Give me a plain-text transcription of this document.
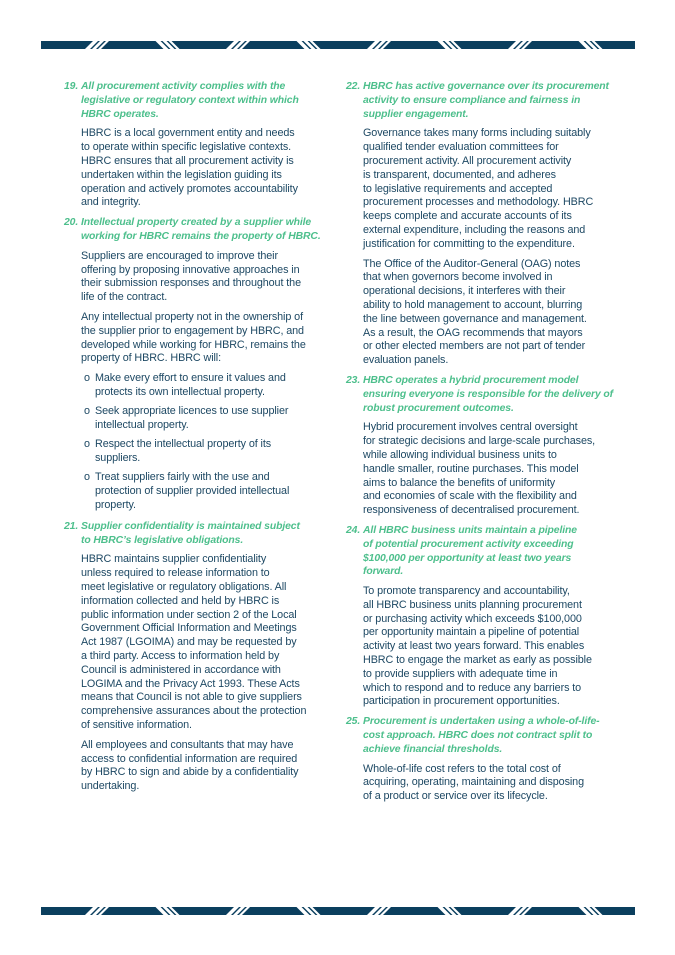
19. All procurement activity complies with the
legislative or regulatory context within which
HBRC operates.
HBRC is a local government entity and needs
to operate within specific legislative contexts.
HBRC ensures that all procurement activity is
undertaken within the legislation guiding its
operation and actively promotes accountability
and integrity.
20. Intellectual property created by a supplier while
working for HBRC remains the property of HBRC.
Suppliers are encouraged to improve their
offering by proposing innovative approaches in
their submission responses and throughout the
life of the contract.
Any intellectual property not in the ownership of
the supplier prior to engagement by HBRC, and
developed while working for HBRC, remains the
property of HBRC. HBRC will:
o Make every effort to ensure it values and
protects its own intellectual property.
o Seek appropriate licences to use supplier
intellectual property.
o Respect the intellectual property of its
suppliers.
o Treat suppliers fairly with the use and
protection of supplier provided intellectual
property.
21. Supplier confidentiality is maintained subject
to HBRC’s legislative obligations.
HBRC maintains supplier confidentiality
unless required to release information to
meet legislative or regulatory obligations. All
information collected and held by HBRC is
public information under section 2 of the Local
Government Official Information and Meetings
Act 1987 (LGOIMA) and may be requested by
a third party. Access to information held by
Council is administered in accordance with
LOGIMA and the Privacy Act 1993. These Acts
means that Council is not able to give suppliers
comprehensive assurances about the protection
of sensitive information.
All employees and consultants that may have
access to confidential information are required
by HBRC to sign and abide by a confidentiality
undertaking.
22. HBRC has active governance over its procurement
activity to ensure compliance and fairness in
supplier engagement.
Governance takes many forms including suitably
qualified tender evaluation committees for
procurement activity. All procurement activity
is transparent, documented, and adheres
to legislative requirements and accepted
procurement processes and methodology. HBRC
keeps complete and accurate accounts of its
external expenditure, including the reasons and
justification for committing to the expenditure.
The Office of the Auditor-General (OAG) notes
that when governors become involved in
operational decisions, it interferes with their
ability to hold management to account, blurring
the line between governance and management.
As a result, the OAG recommends that mayors
or other elected members are not part of tender
evaluation panels.
23. HBRC operates a hybrid procurement model
ensuring everyone is responsible for the delivery of
robust procurement outcomes.
Hybrid procurement involves central oversight
for strategic decisions and large-scale purchases,
while allowing individual business units to
handle smaller, routine purchases. This model
aims to balance the benefits of uniformity
and economies of scale with the flexibility and
responsiveness of decentralised procurement.
24. All HBRC business units maintain a pipeline
of potential procurement activity exceeding
$100,000 per opportunity at least two years
forward.
To promote transparency and accountability,
all HBRC business units planning procurement
or purchasing activity which exceeds $100,000
per opportunity maintain a pipeline of potential
activity at least two years forward. This enables
HBRC to engage the market as early as possible
to provide suppliers with adequate time in
which to respond and to reduce any barriers to
participation in procurement opportunities.
25. Procurement is undertaken using a whole-of-life-
cost approach. HBRC does not contract split to
achieve financial thresholds.
Whole-of-life cost refers to the total cost of
acquiring, operating, maintaining and disposing
of a product or service over its lifecycle.
